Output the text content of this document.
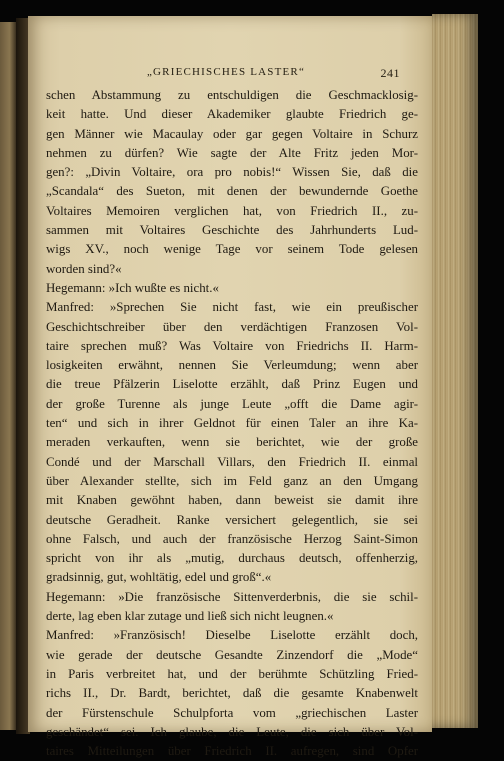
„GRIECHISCHES LASTER“	241
schen Abstammung zu entschuldigen die Geschmacklosig-
keit hatte. Und dieser Akademiker glaubte Friedrich ge-
gen Männer wie Macaulay oder gar gegen Voltaire in Schurz
nehmen zu dürfen? Wie sagte der Alte Fritz jeden Mor-
gen?: „Divin Voltaire, ora pro nobis!“ Wissen Sie, daß die
„Scandala“ des Sueton, mit denen der bewundernde Goethe
Voltaires Memoiren verglichen hat, von Friedrich II., zu-
sammen mit Voltaires Geschichte des Jahrhunderts Lud-
wigs XV., noch wenige Tage vor seinem Tode gelesen
worden sind?«
Hegemann: »Ich wußte es nicht.«
Manfred: »Sprechen Sie nicht fast, wie ein preußischer
Geschichtschreiber über den verdächtigen Franzosen Vol-
taire sprechen muß? Was Voltaire von Friedrichs II. Harm-
losigkeiten erwähnt, nennen Sie Verleumdung; wenn aber
die treue Pfälzerin Liselotte erzählt, daß Prinz Eugen und
der große Turenne als junge Leute „offt die Dame agir-
ten“ und sich in ihrer Geldnot für einen Taler an ihre Ka-
meraden verkauften, wenn sie berichtet, wie der große
Condé und der Marschall Villars, den Friedrich II. einmal
über Alexander stellte, sich im Feld ganz an den Umgang
mit Knaben gewöhnt haben, dann beweist sie damit ihre
deutsche Geradheit. Ranke versichert gelegentlich, sie sei
ohne Falsch, und auch der französische Herzog Saint-Simon
spricht von ihr als „mutig, durchaus deutsch, offenherzig,
gradsinnig, gut, wohltätig, edel und groß“.«
Hegemann: »Die französische Sittenverderbnis, die sie schil-
derte, lag eben klar zutage und ließ sich nicht leugnen.«
Manfred: »Französisch! Dieselbe Liselotte erzählt doch,
wie gerade der deutsche Gesandte Zinzendorf die „Mode“
in Paris verbreitet hat, und der berühmte Schützling Fried-
richs II., Dr. Bardt, berichtet, daß die gesamte Knabenwelt
der Fürstenschule Schulpforta vom „griechischen Laster
geschändet“ sei. Ich glaube, die Leute, die sich über Vol-
taires Mitteilungen über Friedrich II. aufregen, sind Opfer
